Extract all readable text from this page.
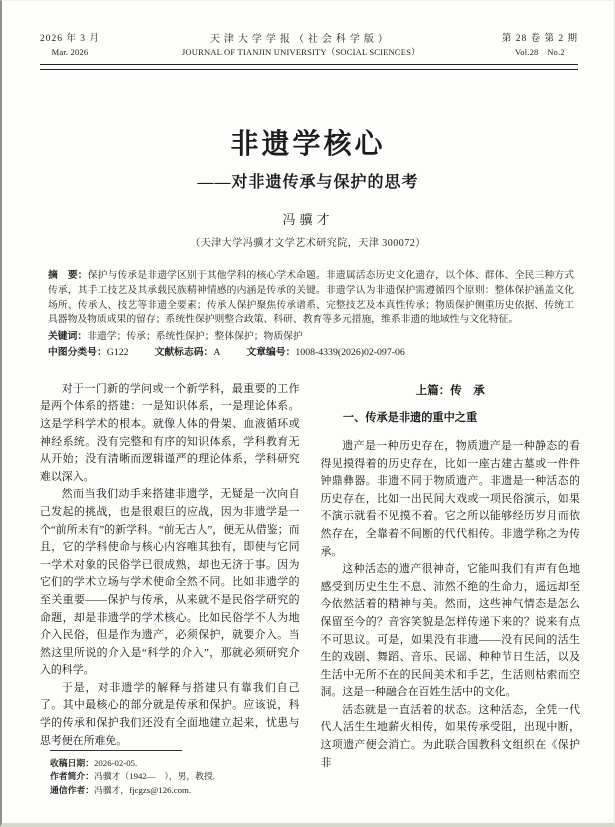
2026 年 3 月
Mar. 2026
天津大学学报（社会科学版）
JOURNAL OF TIANJIN UNIVERSITY（SOCIAL SCIENCES）
第 28 卷 第 2 期
Vol.28　No.2
非遗学核心
——对非遗传承与保护的思考
冯骥才
（天津大学冯骥才文学艺术研究院，天津 300072）
摘　要：保护与传承是非遗学区别于其他学科的核心学术命题。非遗属活态历史文化遗存，以个体、群体、全民三种方式传承，其手工技艺及其承载民族精神情感的内涵是传承的关键。非遗学认为非遗保护需遵循四个原则：整体保护涵盖文化场所、传承人、技艺等非遗全要素；传承人保护聚焦传承谱系、完整技艺及本真性传承；物质保护侧重历史依据、传统工具器物及物质成果的留存；系统性保护则整合政策、科研、教育等多元措施，维系非遗的地域性与文化特征。
关键词：非遗学；传承；系统性保护；整体保护；物质保护
中图分类号：G122	文献标志码：A	文章编号：1008-4339(2026)02-097-06

对于一门新的学问或一个新学科，最重要的工作是两个体系的搭建：一是知识体系，一是理论体系。这是学科学术的根本。就像人体的骨架、血液循环或神经系统。没有完整和有序的知识体系，学科教育无从开始；没有清晰而逻辑谨严的理论体系，学科研究难以深入。

然而当我们动手来搭建非遗学，无疑是一次向自己发起的挑战，也是很艰巨的应战，因为非遗学是一个“前所未有”的新学科。“前无古人”，便无从借鉴；而且，它的学科使命与核心内容唯其独有，即使与它同一学术对象的民俗学已很成熟，却也无济于事。因为它们的学术立场与学术使命全然不同。比如非遗学的至关重要——保护与传承，从来就不是民俗学研究的命题，却是非遗学的学术核心。比如民俗学不人为地介入民俗，但是作为遗产，必须保护，就要介入。当然这里所说的介入是“科学的介入”，那就必须研究介入的科学。

于是，对非遗学的解释与搭建只有靠我们自己了。其中最核心的部分就是传承和保护。应该说，科学的传承和保护我们还没有全面地建立起来，忧患与思考便在所难免。

收稿日期：2026-02-05.
作者简介：冯骥才（1942—　），男，教授.
通信作者：冯骥才，fjcgzs@126.com.
上篇：传　承
一、传承是非遗的重中之重

遗产是一种历史存在，物质遗产是一种静态的看得见摸得着的历史存在，比如一座古建古墓或一件件钟鼎彝器。非遗不同于物质遗产。非遗是一种活态的历史存在，比如一出民间大戏或一项民俗演示，如果不演示就看不见摸不着。它之所以能够经历岁月而依然存在，全靠着不间断的代代相传。非遗学称之为传承。

这种活态的遗产很神奇，它能叫我们有声有色地感受到历史生生不息、沛然不绝的生命力，遥远却至今依然活着的精神与美。然而，这些神气情态是怎么保留至今的？音容笑貌是怎样传递下来的？说来有点不可思议。可是，如果没有非遗——没有民间的活生生的戏剧、舞蹈、音乐、民谣、种种节日生活，以及生活中无所不在的民间美术和手艺，生活则枯索而空洞。这是一种融合在百姓生活中的文化。

活态就是一直活着的状态。这种活态，全凭一代代人活生生地薪火相传，如果传承受阻，出现中断，这项遗产便会消亡。为此联合国教科文组织在《保护非
